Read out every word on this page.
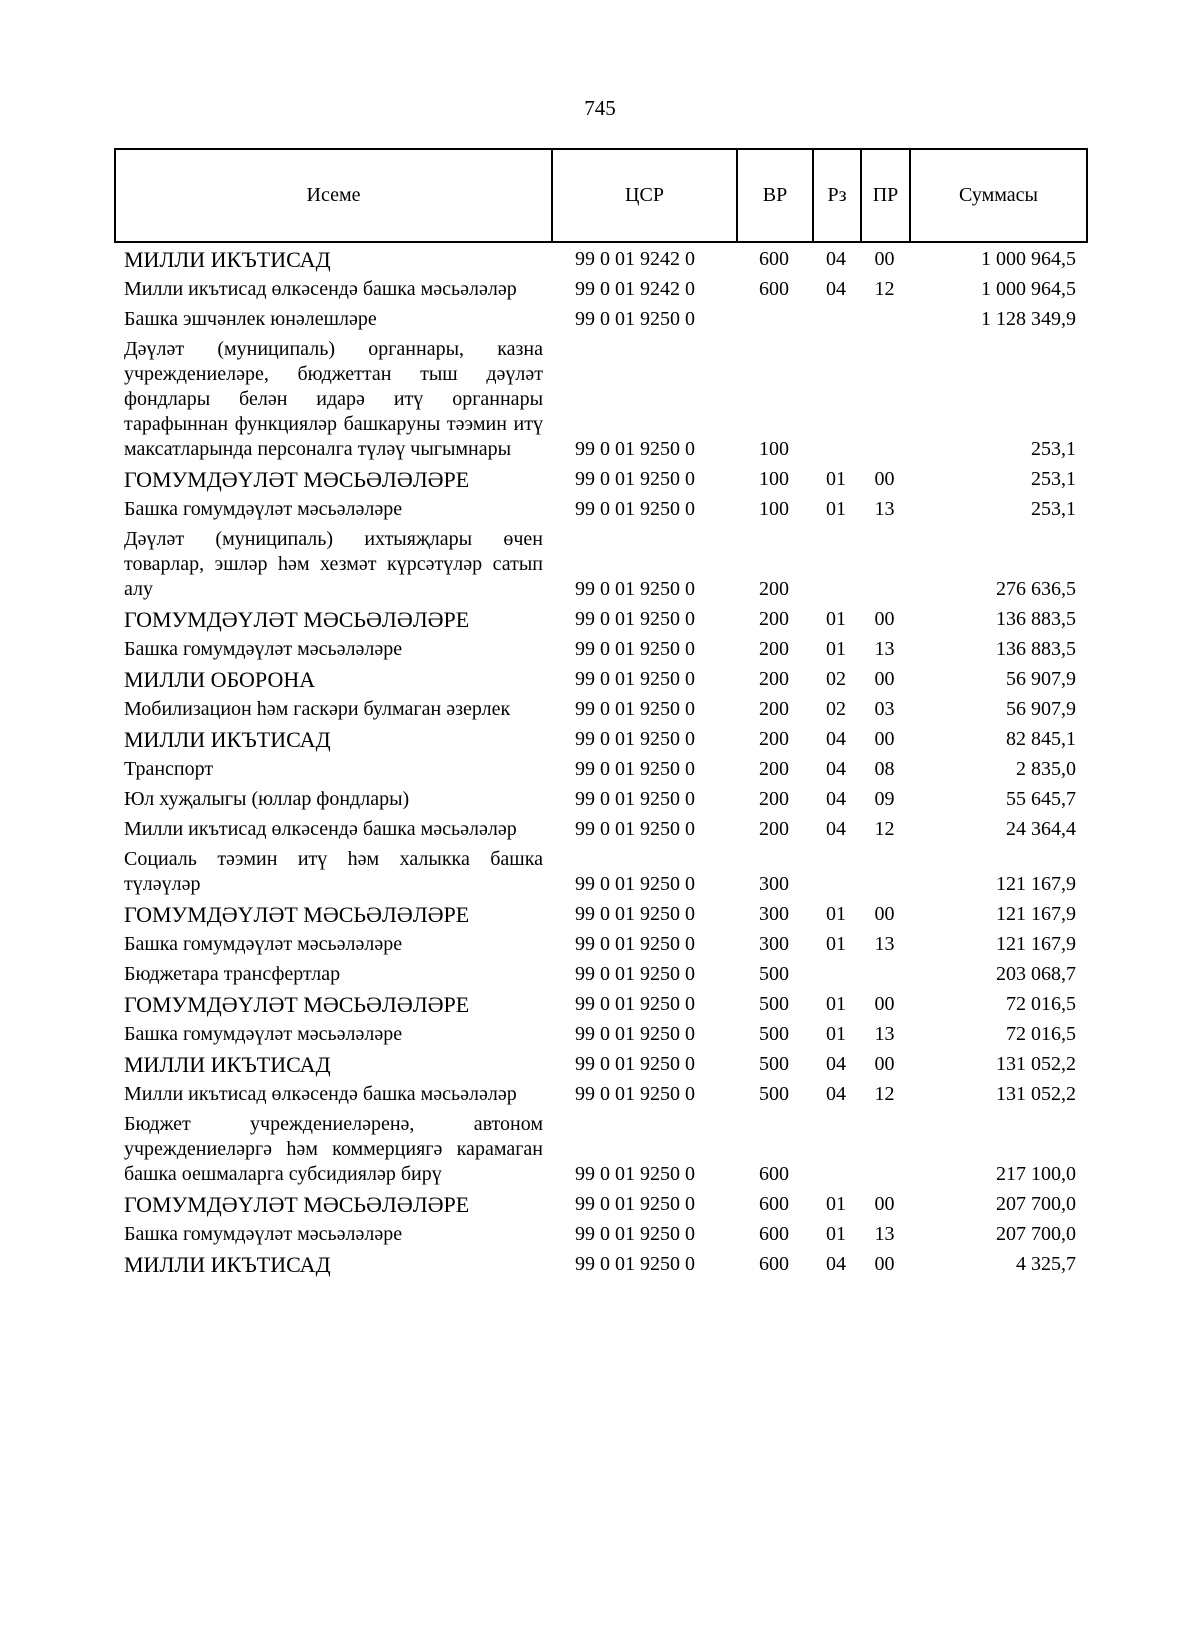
745
Исеме	ЦСР	ВР	Рз	ПР	Суммасы
МИЛЛИ ИКЪТИСАД	99 0 01 9242 0	600	04	00	1 000 964,5
Милли икътисад өлкәсендә башка мәсьәләләр	99 0 01 9242 0	600	04	12	1 000 964,5
Башка эшчәнлек юнәлешләре	99 0 01 9250 0				1 128 349,9
Дәүләт (муниципаль) органнары, казна учреждениеләре, бюджеттан тыш дәүләт фондлары белән идарә итү органнары тарафыннан функцияләр башкаруны тәэмин итү максатларында персоналга түләү чыгымнары	99 0 01 9250 0	100			253,1
ГОМУМДӘҮЛӘТ МӘСЬӘЛӘЛӘРЕ	99 0 01 9250 0	100	01	00	253,1
Башка гомумдәүләт мәсьәләләре	99 0 01 9250 0	100	01	13	253,1
Дәүләт (муниципаль) ихтыяҗлары өчен товарлар, эшләр һәм хезмәт күрсәтүләр сатып алу	99 0 01 9250 0	200			276 636,5
ГОМУМДӘҮЛӘТ МӘСЬӘЛӘЛӘРЕ	99 0 01 9250 0	200	01	00	136 883,5
Башка гомумдәүләт мәсьәләләре	99 0 01 9250 0	200	01	13	136 883,5
МИЛЛИ ОБОРОНА	99 0 01 9250 0	200	02	00	56 907,9
Мобилизацион һәм гаскәри булмаган әзерлек	99 0 01 9250 0	200	02	03	56 907,9
МИЛЛИ ИКЪТИСАД	99 0 01 9250 0	200	04	00	82 845,1
Транспорт	99 0 01 9250 0	200	04	08	2 835,0
Юл хуҗалыгы (юллар фондлары)	99 0 01 9250 0	200	04	09	55 645,7
Милли икътисад өлкәсендә башка мәсьәләләр	99 0 01 9250 0	200	04	12	24 364,4
Социаль тәэмин итү һәм халыкка башка түләүләр	99 0 01 9250 0	300			121 167,9
ГОМУМДӘҮЛӘТ МӘСЬӘЛӘЛӘРЕ	99 0 01 9250 0	300	01	00	121 167,9
Башка гомумдәүләт мәсьәләләре	99 0 01 9250 0	300	01	13	121 167,9
Бюджетара трансфертлар	99 0 01 9250 0	500			203 068,7
ГОМУМДӘҮЛӘТ МӘСЬӘЛӘЛӘРЕ	99 0 01 9250 0	500	01	00	72 016,5
Башка гомумдәүләт мәсьәләләре	99 0 01 9250 0	500	01	13	72 016,5
МИЛЛИ ИКЪТИСАД	99 0 01 9250 0	500	04	00	131 052,2
Милли икътисад өлкәсендә башка мәсьәләләр	99 0 01 9250 0	500	04	12	131 052,2
Бюджет учреждениеләренә, автоном учреждениеләргә һәм коммерциягә карамаган башка оешмаларга субсидияләр бирү	99 0 01 9250 0	600			217 100,0
ГОМУМДӘҮЛӘТ МӘСЬӘЛӘЛӘРЕ	99 0 01 9250 0	600	01	00	207 700,0
Башка гомумдәүләт мәсьәләләре	99 0 01 9250 0	600	01	13	207 700,0
МИЛЛИ ИКЪТИСАД	99 0 01 9250 0	600	04	00	4 325,7
